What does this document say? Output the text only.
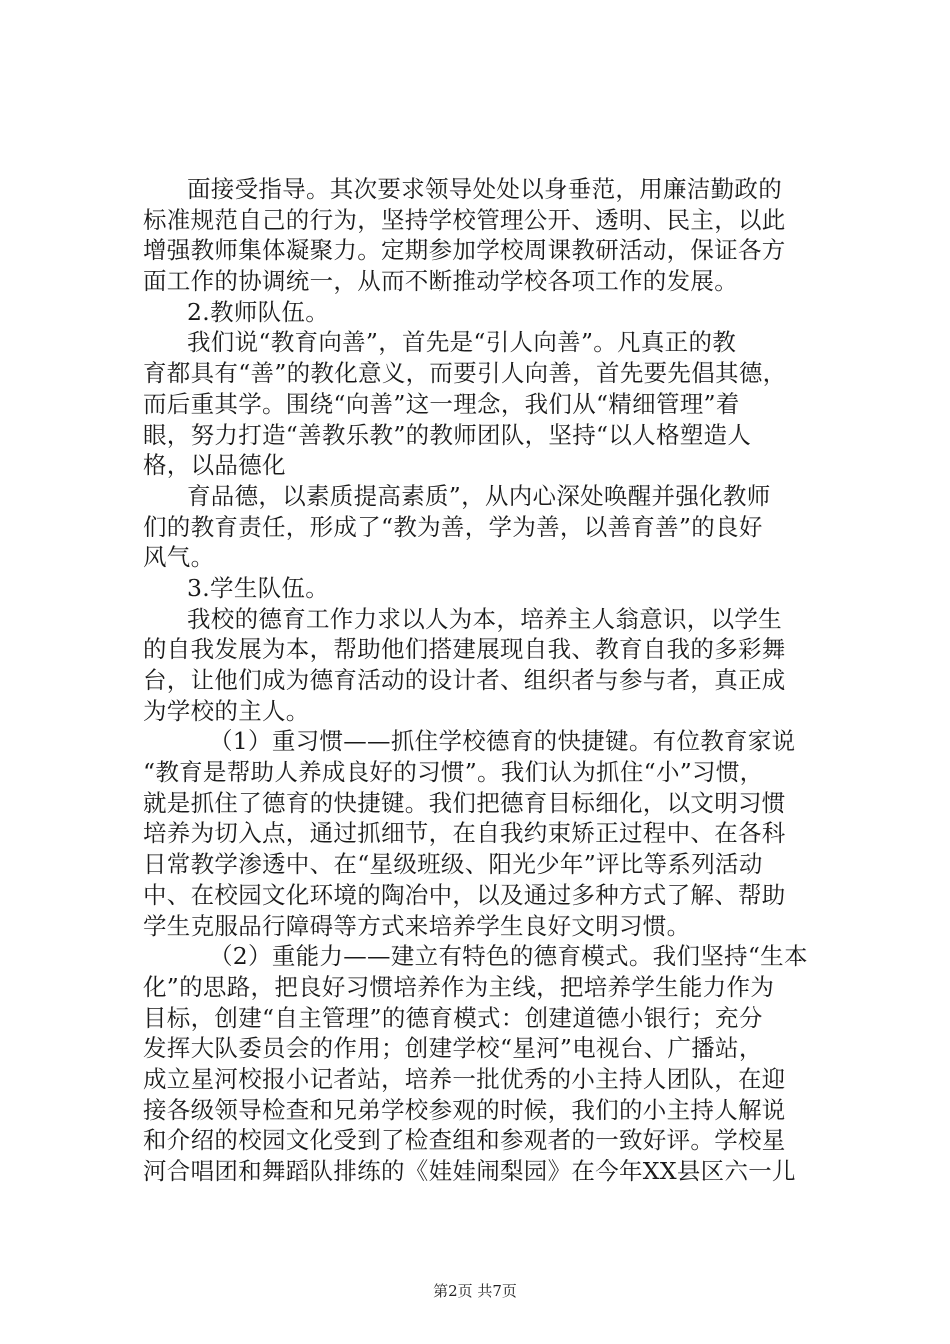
面接受指导。其次要求领导处处以身垂范，用廉洁勤政的
标准规范自己的行为，坚持学校管理公开、透明、民主，以此
增强教师集体凝聚力。定期参加学校周课教研活动，保证各方
面工作的协调统一，从而不断推动学校各项工作的发展。
2.教师队伍。
我们说“教育向善”，首先是“引人向善”。凡真正的教
育都具有“善”的教化意义，而要引人向善，首先要先倡其德，
而后重其学。围绕“向善”这一理念，我们从“精细管理”着
眼，努力打造“善教乐教”的教师团队，坚持“以人格塑造人
格，以品德化
育品德，以素质提高素质”，从内心深处唤醒并强化教师
们的教育责任，形成了“教为善，学为善，以善育善”的良好
风气。
3.学生队伍。
我校的德育工作力求以人为本，培养主人翁意识，以学生
的自我发展为本，帮助他们搭建展现自我、教育自我的多彩舞
台，让他们成为德育活动的设计者、组织者与参与者，真正成
为学校的主人。
（1）重习惯——抓住学校德育的快捷键。有位教育家说
“教育是帮助人养成良好的习惯”。我们认为抓住“小”习惯，
就是抓住了德育的快捷键。我们把德育目标细化，以文明习惯
培养为切入点，通过抓细节，在自我约束矫正过程中、在各科
日常教学渗透中、在“星级班级、阳光少年”评比等系列活动
中、在校园文化环境的陶冶中，以及通过多种方式了解、帮助
学生克服品行障碍等方式来培养学生良好文明习惯。
（2）重能力——建立有特色的德育模式。我们坚持“生本
化”的思路，把良好习惯培养作为主线，把培养学生能力作为
目标，创建“自主管理”的德育模式：创建道德小银行；充分
发挥大队委员会的作用；创建学校“星河”电视台、广播站，
成立星河校报小记者站，培养一批优秀的小主持人团队，在迎
接各级领导检查和兄弟学校参观的时候，我们的小主持人解说
和介绍的校园文化受到了检查组和参观者的一致好评。学校星
河合唱团和舞蹈队排练的《娃娃闹梨园》在今年XX县区六一儿
第2页 共7页
